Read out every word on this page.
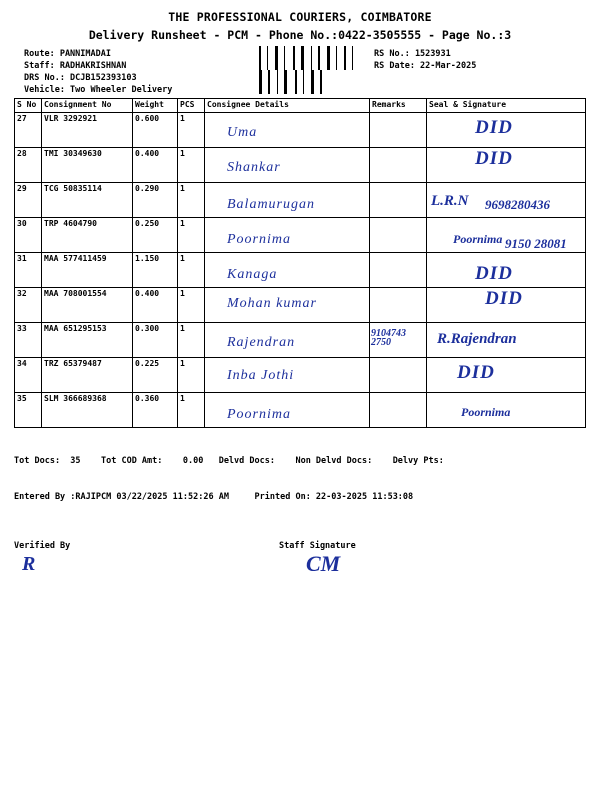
THE PROFESSIONAL COURIERS, COIMBATORE
Delivery Runsheet - PCM - Phone No.:0422-3505555 - Page No.:3
Route: PANNIMADAI
Staff: RADHAKRISHNAN
DRS No.: DCJB152393103
Vehicle: Two Wheeler Delivery

RS No.: 1523931
RS Date: 22-Mar-2025
S No	Consignment No	Weight	PCS	Consignee Details	Remarks	Seal & Signature
27	VLR 3292921	0.600	1	Uma		DID

28	TMI 30349630	0.400	1	Shankar		DID

29	TCG 50835114	0.290	1	Balamurugan		L.R.N 9698280436

30	TRP 4604790	0.250	1	Poornima		Poornima 9150 28081

31	MAA 577411459	1.150	1	Kanaga		DID

32	MAA 708001554	0.400	1	Mohan kumar		DID

33	MAA 651295153	0.300	1	Rajendran	9104743 2750	R.Rajendran

34	TRZ 65379487	0.225	1	Inba Jothi		DID

35	SLM 366689368	0.360	1	Poornima		Poornima

Tot Docs:  35    Tot COD Amt:    0.00   Delvd Docs:    Non Delvd Docs:    Delvy Pts:

Entered By :RAJIPCM 03/22/2025 11:52:26 AM     Printed On: 22-03-2025 11:53:08

Verified By	Staff Signature
R	CM
